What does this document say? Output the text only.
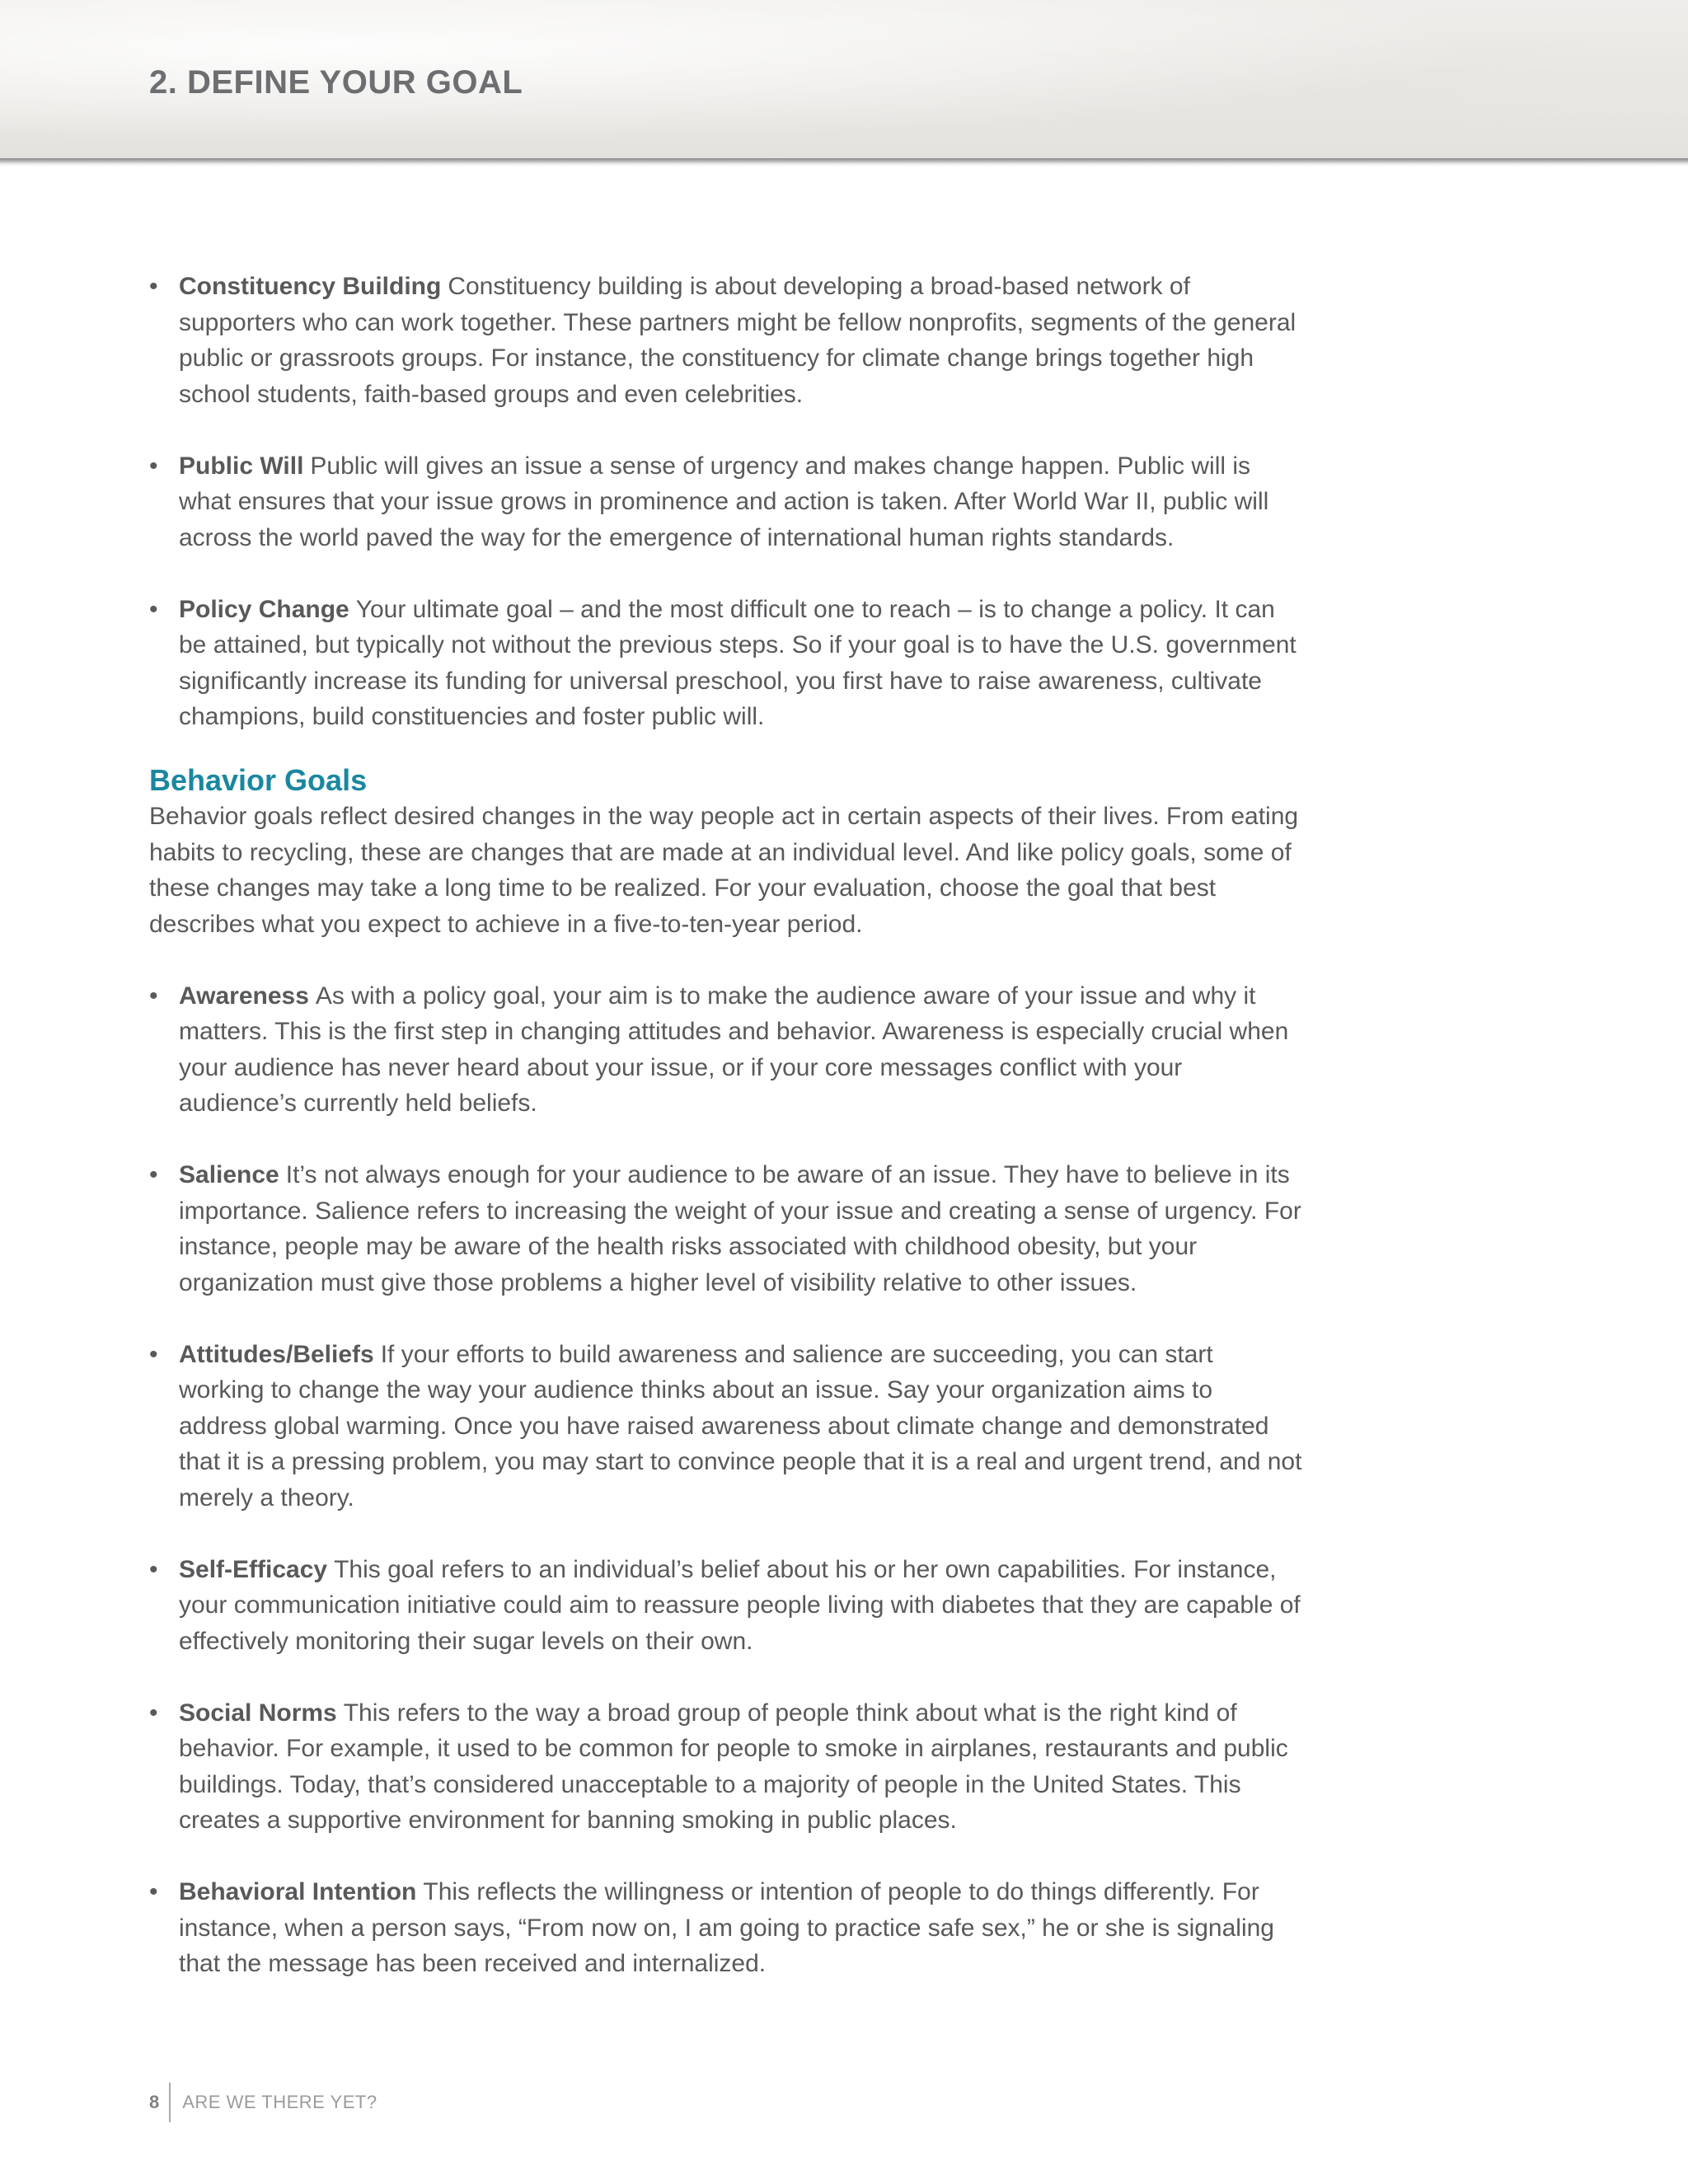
2. DEFINE YOUR GOAL
• Constituency Building Constituency building is about developing a broad-based network of supporters who can work together. These partners might be fellow nonprofits, segments of the general public or grassroots groups. For instance, the constituency for climate change brings together high school students, faith-based groups and even celebrities.
• Public Will Public will gives an issue a sense of urgency and makes change happen. Public will is what ensures that your issue grows in prominence and action is taken. After World War II, public will across the world paved the way for the emergence of international human rights standards.
• Policy Change Your ultimate goal – and the most difficult one to reach – is to change a policy. It can be attained, but typically not without the previous steps. So if your goal is to have the U.S. government significantly increase its funding for universal preschool, you first have to raise awareness, cultivate champions, build constituencies and foster public will.
Behavior Goals

Behavior goals reflect desired changes in the way people act in certain aspects of their lives. From eating habits to recycling, these are changes that are made at an individual level. And like policy goals, some of these changes may take a long time to be realized. For your evaluation, choose the goal that best describes what you expect to achieve in a five-to-ten-year period.

• Awareness As with a policy goal, your aim is to make the audience aware of your issue and why it matters. This is the first step in changing attitudes and behavior. Awareness is especially crucial when your audience has never heard about your issue, or if your core messages conflict with your audience’s currently held beliefs.
• Salience It’s not always enough for your audience to be aware of an issue. They have to believe in its importance. Salience refers to increasing the weight of your issue and creating a sense of urgency. For instance, people may be aware of the health risks associated with childhood obesity, but your organization must give those problems a higher level of visibility relative to other issues.
• Attitudes/Beliefs If your efforts to build awareness and salience are succeeding, you can start working to change the way your audience thinks about an issue. Say your organization aims to address global warming. Once you have raised awareness about climate change and demonstrated that it is a pressing problem, you may start to convince people that it is a real and urgent trend, and not merely a theory.
• Self-Efficacy This goal refers to an individual’s belief about his or her own capabilities. For instance, your communication initiative could aim to reassure people living with diabetes that they are capable of effectively monitoring their sugar levels on their own.
• Social Norms This refers to the way a broad group of people think about what is the right kind of behavior. For example, it used to be common for people to smoke in airplanes, restaurants and public buildings. Today, that’s considered unacceptable to a majority of people in the United States. This creates a supportive environment for banning smoking in public places.
• Behavioral Intention This reflects the willingness or intention of people to do things differently. For instance, when a person says, “From now on, I am going to practice safe sex,” he or she is signaling that the message has been received and internalized.
8	ARE WE THERE YET?
